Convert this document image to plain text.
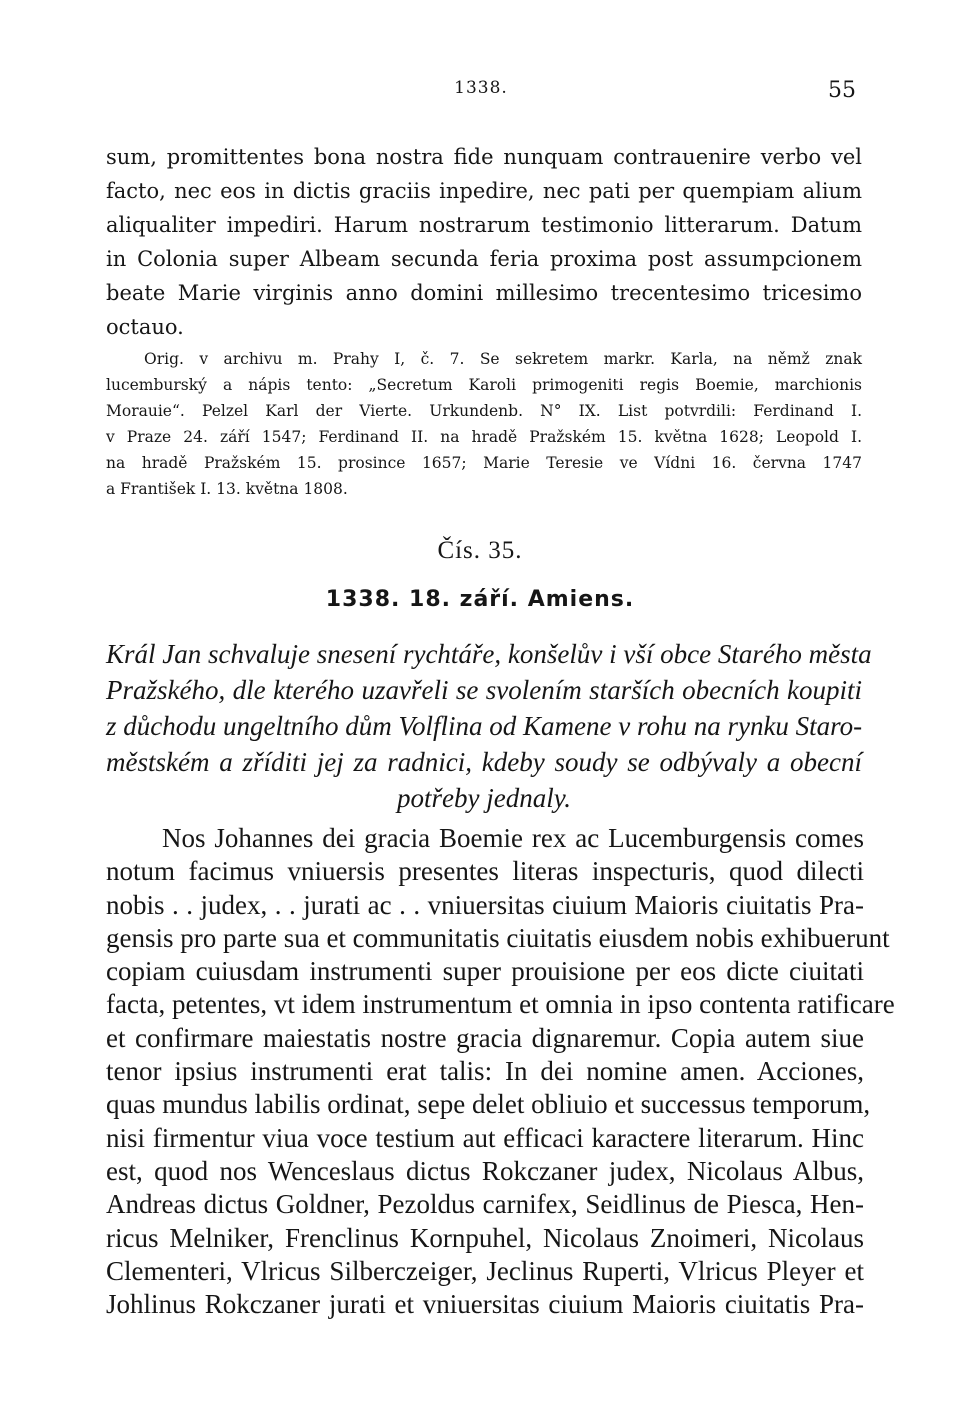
1338.	55
sum, promittentes bona nostra fide nunquam contrauenire verbo vel
facto, nec eos in dictis graciis inpedire, nec pati per quempiam alium
aliqualiter impediri. Harum nostrarum testimonio litterarum. Datum
in Colonia super Albeam secunda feria proxima post assumpcionem
beate Marie virginis anno domini millesimo trecentesimo tricesimo
octauo.
Orig. v archivu m. Prahy I, č. 7. Se sekretem markr. Karla, na němž znak
lucemburský a nápis tento: „Secretum Karoli primogeniti regis Boemie, marchionis
Morauie“. Pelzel Karl der Vierte. Urkundenb. N° IX. List potvrdili: Ferdinand I.
v Praze 24. září 1547; Ferdinand II. na hradě Pražském 15. května 1628; Leopold I.
na hradě Pražském 15. prosince 1657; Marie Teresie ve Vídni 16. června 1747
a František I. 13. května 1808.
Čís. 35.
1338. 18. září. Amiens.
Král Jan schvaluje snesení rychtáře, konšelův i vší obce Starého města
Pražského, dle kterého uzavřeli se svolením starších obecních koupiti
z důchodu ungeltního dům Volflina od Kamene v rohu na rynku Staro-
městském a zříditi jej za radnici, kdeby soudy se odbývaly a obecní
potřeby jednaly.
Nos Johannes dei gracia Boemie rex ac Lucemburgensis comes
notum facimus vniuersis presentes literas inspecturis, quod dilecti
nobis . . judex, . . jurati ac . . vniuersitas ciuium Maioris ciuitatis Pra-
gensis pro parte sua et communitatis ciuitatis eiusdem nobis exhibuerunt
copiam cuiusdam instrumenti super prouisione per eos dicte ciuitati
facta, petentes, vt idem instrumentum et omnia in ipso contenta ratificare
et confirmare maiestatis nostre gracia dignaremur. Copia autem siue
tenor ipsius instrumenti erat talis: In dei nomine amen. Acciones,
quas mundus labilis ordinat, sepe delet obliuio et successus temporum,
nisi firmentur viua voce testium aut efficaci karactere literarum. Hinc
est, quod nos Wenceslaus dictus Rokczaner judex, Nicolaus Albus,
Andreas dictus Goldner, Pezoldus carnifex, Seidlinus de Piesca, Hen-
ricus Melniker, Frenclinus Kornpuhel, Nicolaus Znoimeri, Nicolaus
Clementeri, Vlricus Silberczeiger, Jeclinus Ruperti, Vlricus Pleyer et
Johlinus Rokczaner jurati et vniuersitas ciuium Maioris ciuitatis Pra-
